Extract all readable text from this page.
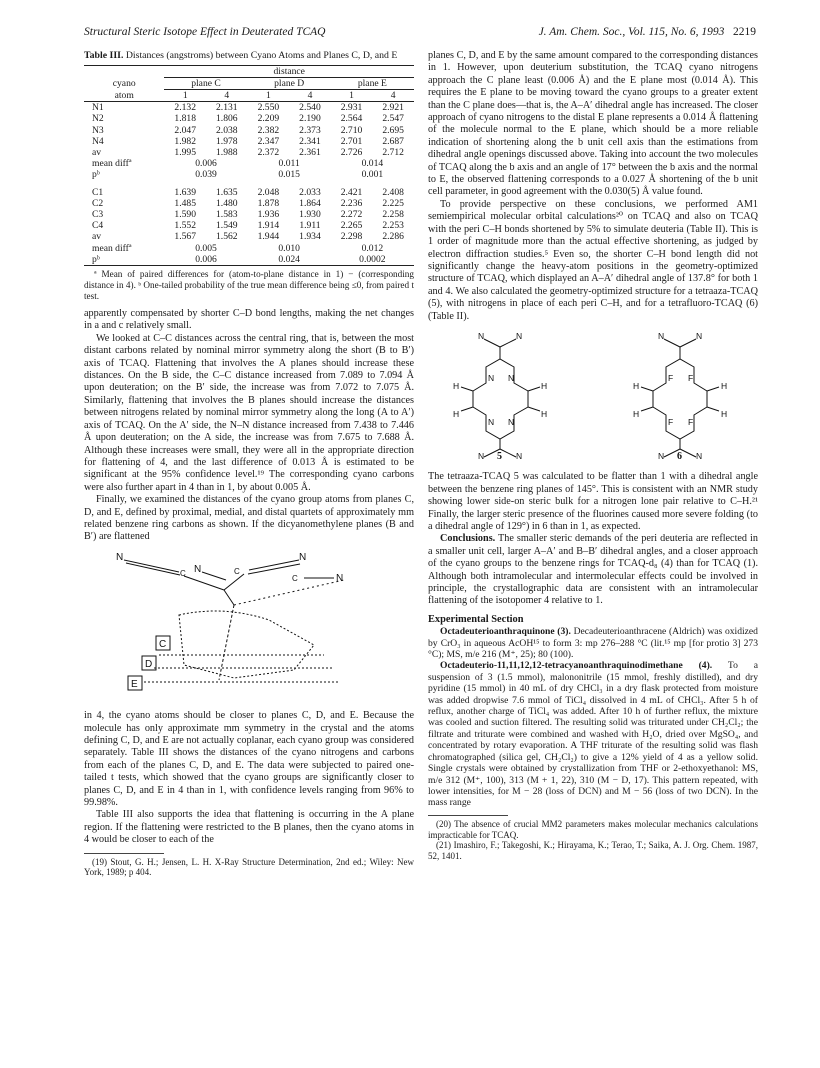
Structural Steric Isotope Effect in Deuterated TCAQ	J. Am. Chem. Soc., Vol. 115, No. 6, 1993 2219

Table III. Distances (angstroms) between Cyano Atoms and Planes C, D, and E

	distance					
cyano	plane C		plane D		plane E	
atom	1	4	1	4	1	4
N1	2.132	2.131	2.550	2.540	2.931	2.921
N2	1.818	1.806	2.209	2.190	2.564	2.547
N3	2.047	2.038	2.382	2.373	2.710	2.695
N4	1.982	1.978	2.347	2.341	2.701	2.687
av	1.995	1.988	2.372	2.361	2.726	2.712
mean diffª	0.006		0.011		0.014	
pᵇ	0.039		0.015		0.001	
C1	1.639	1.635	2.048	2.033	2.421	2.408
C2	1.485	1.480	1.878	1.864	2.236	2.225
C3	1.590	1.583	1.936	1.930	2.272	2.258
C4	1.552	1.549	1.914	1.911	2.265	2.253
av	1.567	1.562	1.944	1.934	2.298	2.286
mean diffª	0.005		0.010		0.012	
pᵇ	0.006		0.024		0.0002	

ª Mean of paired differences for (atom-to-plane distance in 1) − (corresponding distance in 4). ᵇ One-tailed probability of the true mean difference being ≤0, from paired t test.

apparently compensated by shorter C–D bond lengths, making the net changes in a and c relatively small.

We looked at C–C distances across the central ring, that is, between the most distant carbons related by nominal mirror symmetry along the short (B to B′) axis of TCAQ. Flattening that involves the A planes should increase these distances. On the B side, the C–C distance increased from 7.089 to 7.094 Å upon deuteration; on the B′ side, the increase was from 7.072 to 7.075 Å. Similarly, flattening that involves the B planes should increase the distances between nitrogens related by nominal mirror symmetry along the long (A to A′) axis of TCAQ. On the A′ side, the N–N distance increased from 7.438 to 7.446 Å upon deuteration; on the A side, the increase was from 7.675 to 7.688 Å. Although these increases were small, they were all in the appropriate direction for flattening of 4, and the last difference of 0.013 Å is estimated to be significant at the 95% confidence level.¹⁹ The corresponding cyano carbons were also further apart in 4 than in 1, by about 0.005 Å.

Finally, we examined the distances of the cyano group atoms from planes C, D, and E, defined by proximal, medial, and distal quartets of approximately mm related benzene ring carbons as shown. If the dicyanomethylene planes (B and B′) are flattened

N
C N	C
N
C	N
C
D
E

in 4, the cyano atoms should be closer to planes C, D, and E. Because the molecule has only approximate mm symmetry in the crystal and the atoms defining C, D, and E are not actually coplanar, each cyano group was considered separately. Table III shows the distances of the cyano nitrogens and carbons from each of the planes C, D, and E. The data were subjected to paired one-tailed t tests, which showed that the cyano groups are significantly closer to planes C, D, and E in 4 than in 1, with confidence levels ranging from 96% to 99.98%.

Table III also supports the idea that flattening is occurring in the A plane region. If the flattening were restricted to the B planes, then the cyano atoms in 4 would be closer to each of the

(19) Stout, G. H.; Jensen, L. H. X-Ray Structure Determination, 2nd ed.; Wiley: New York, 1989; p 404.

planes C, D, and E by the same amount compared to the corresponding distances in 1. However, upon deuterium substitution, the TCAQ cyano nitrogens approach the C plane least (0.006 Å) and the E plane most (0.014 Å). This requires the E plane to be moving toward the cyano groups to a greater extent than the C plane does—that is, the A–A′ dihedral angle has increased. The closer approach of cyano nitrogens to the distal E plane represents a 0.014 Å flattening of the molecule normal to the E plane, which should be a more reliable indication of shortening along the b unit cell axis than the estimations from dihedral angle openings discussed above. Taking into account the two molecules of TCAQ along the b axis and an angle of 17° between the b axis and the normal to E, the observed flattening corresponds to a 0.027 Å shortening of the b unit cell parameter, in good agreement with the 0.030(5) Å value found.

To provide perspective on these conclusions, we performed AM1 semiempirical molecular orbital calculations²⁰ on TCAQ and also on TCAQ with the peri C–H bonds shortened by 5% to simulate deuteria (Table II). This is 1 order of magnitude more than the actual effective shortening, as judged by electron diffraction studies.⁵ Even so, the shorter C–H bond length did not significantly change the heavy-atom positions in the geometry-optimized structure of TCAQ, which displayed an A–A′ dihedral angle of 137.8° for both 1 and 4. We also calculated the geometry-optimized structure for a tetraaza-TCAQ (5), with nitrogens in place of each peri C–H, and for a tetrafluoro-TCAQ (6) (Table II).

N	N
N	N
N N
N N
H
H
H
H
N	N
N	N
F F
F F
H
H
H
H
5	6

The tetraaza-TCAQ 5 was calculated to be flatter than 1 with a dihedral angle between the benzene ring planes of 145°. This is consistent with an NMR study showing lower side-on steric bulk for a nitrogen lone pair relative to C–H.²¹ Finally, the larger steric presence of the fluorines caused more severe folding (to a dihedral angle of 129°) in 6 than in 1, as expected.

Conclusions. The smaller steric demands of the peri deuteria are reflected in a smaller unit cell, larger A–A′ and B–B′ dihedral angles, and a closer approach of the cyano groups to the benzene rings for TCAQ-d₈ (4) than for TCAQ (1). Although both intramolecular and intermolecular effects could be involved in principle, the crystallographic data are consistent with an intramolecular flattening of the isotopomer 4 relative to 1.

Experimental Section

Octadeuterioanthraquinone (3). Decadeuterioanthracene (Aldrich) was oxidized by CrO₃ in aqueous AcOH¹⁵ to form 3: mp 276–288 °C (lit.¹⁵ mp [for protio 3] 273 °C); MS, m/e 216 (M⁺, 25); 80 (100).

Octadeuterio-11,11,12,12-tetracyanoanthraquinodimethane (4). To a suspension of 3 (1.5 mmol), malononitrile (15 mmol, freshly distilled), and dry pyridine (15 mmol) in 40 mL of dry CHCl₃ in a dry flask protected from moisture was added dropwise 7.6 mmol of TiCl₄ dissolved in 4 mL of CHCl₃. After 5 h of reflux, another charge of TiCl₄ was added. After 10 h of further reflux, the mixture was cooled and suction filtered. The resulting solid was triturated under CH₂Cl₂; the filtrate and triturate were combined and washed with H₂O, dried over MgSO₄, and concentrated by rotary evaporation. A THF triturate of the resulting solid was flash chromatographed (silica gel, CH₂Cl₂) to give a 12% yield of 4 as a yellow solid. Single crystals were obtained by crystallization from THF or 2-ethoxyethanol: MS, m/e 312 (M⁺, 100), 313 (M + 1, 22), 310 (M − D, 17). This pattern repeated, with lower intensities, for M − 28 (loss of DCN) and M − 56 (loss of two DCN). In the mass range

(20) The absence of crucial MM2 parameters makes molecular mechanics calculations impracticable for TCAQ.

(21) Imashiro, F.; Takegoshi, K.; Hirayama, K.; Terao, T.; Saika, A. J. Org. Chem. 1987, 52, 1401.
